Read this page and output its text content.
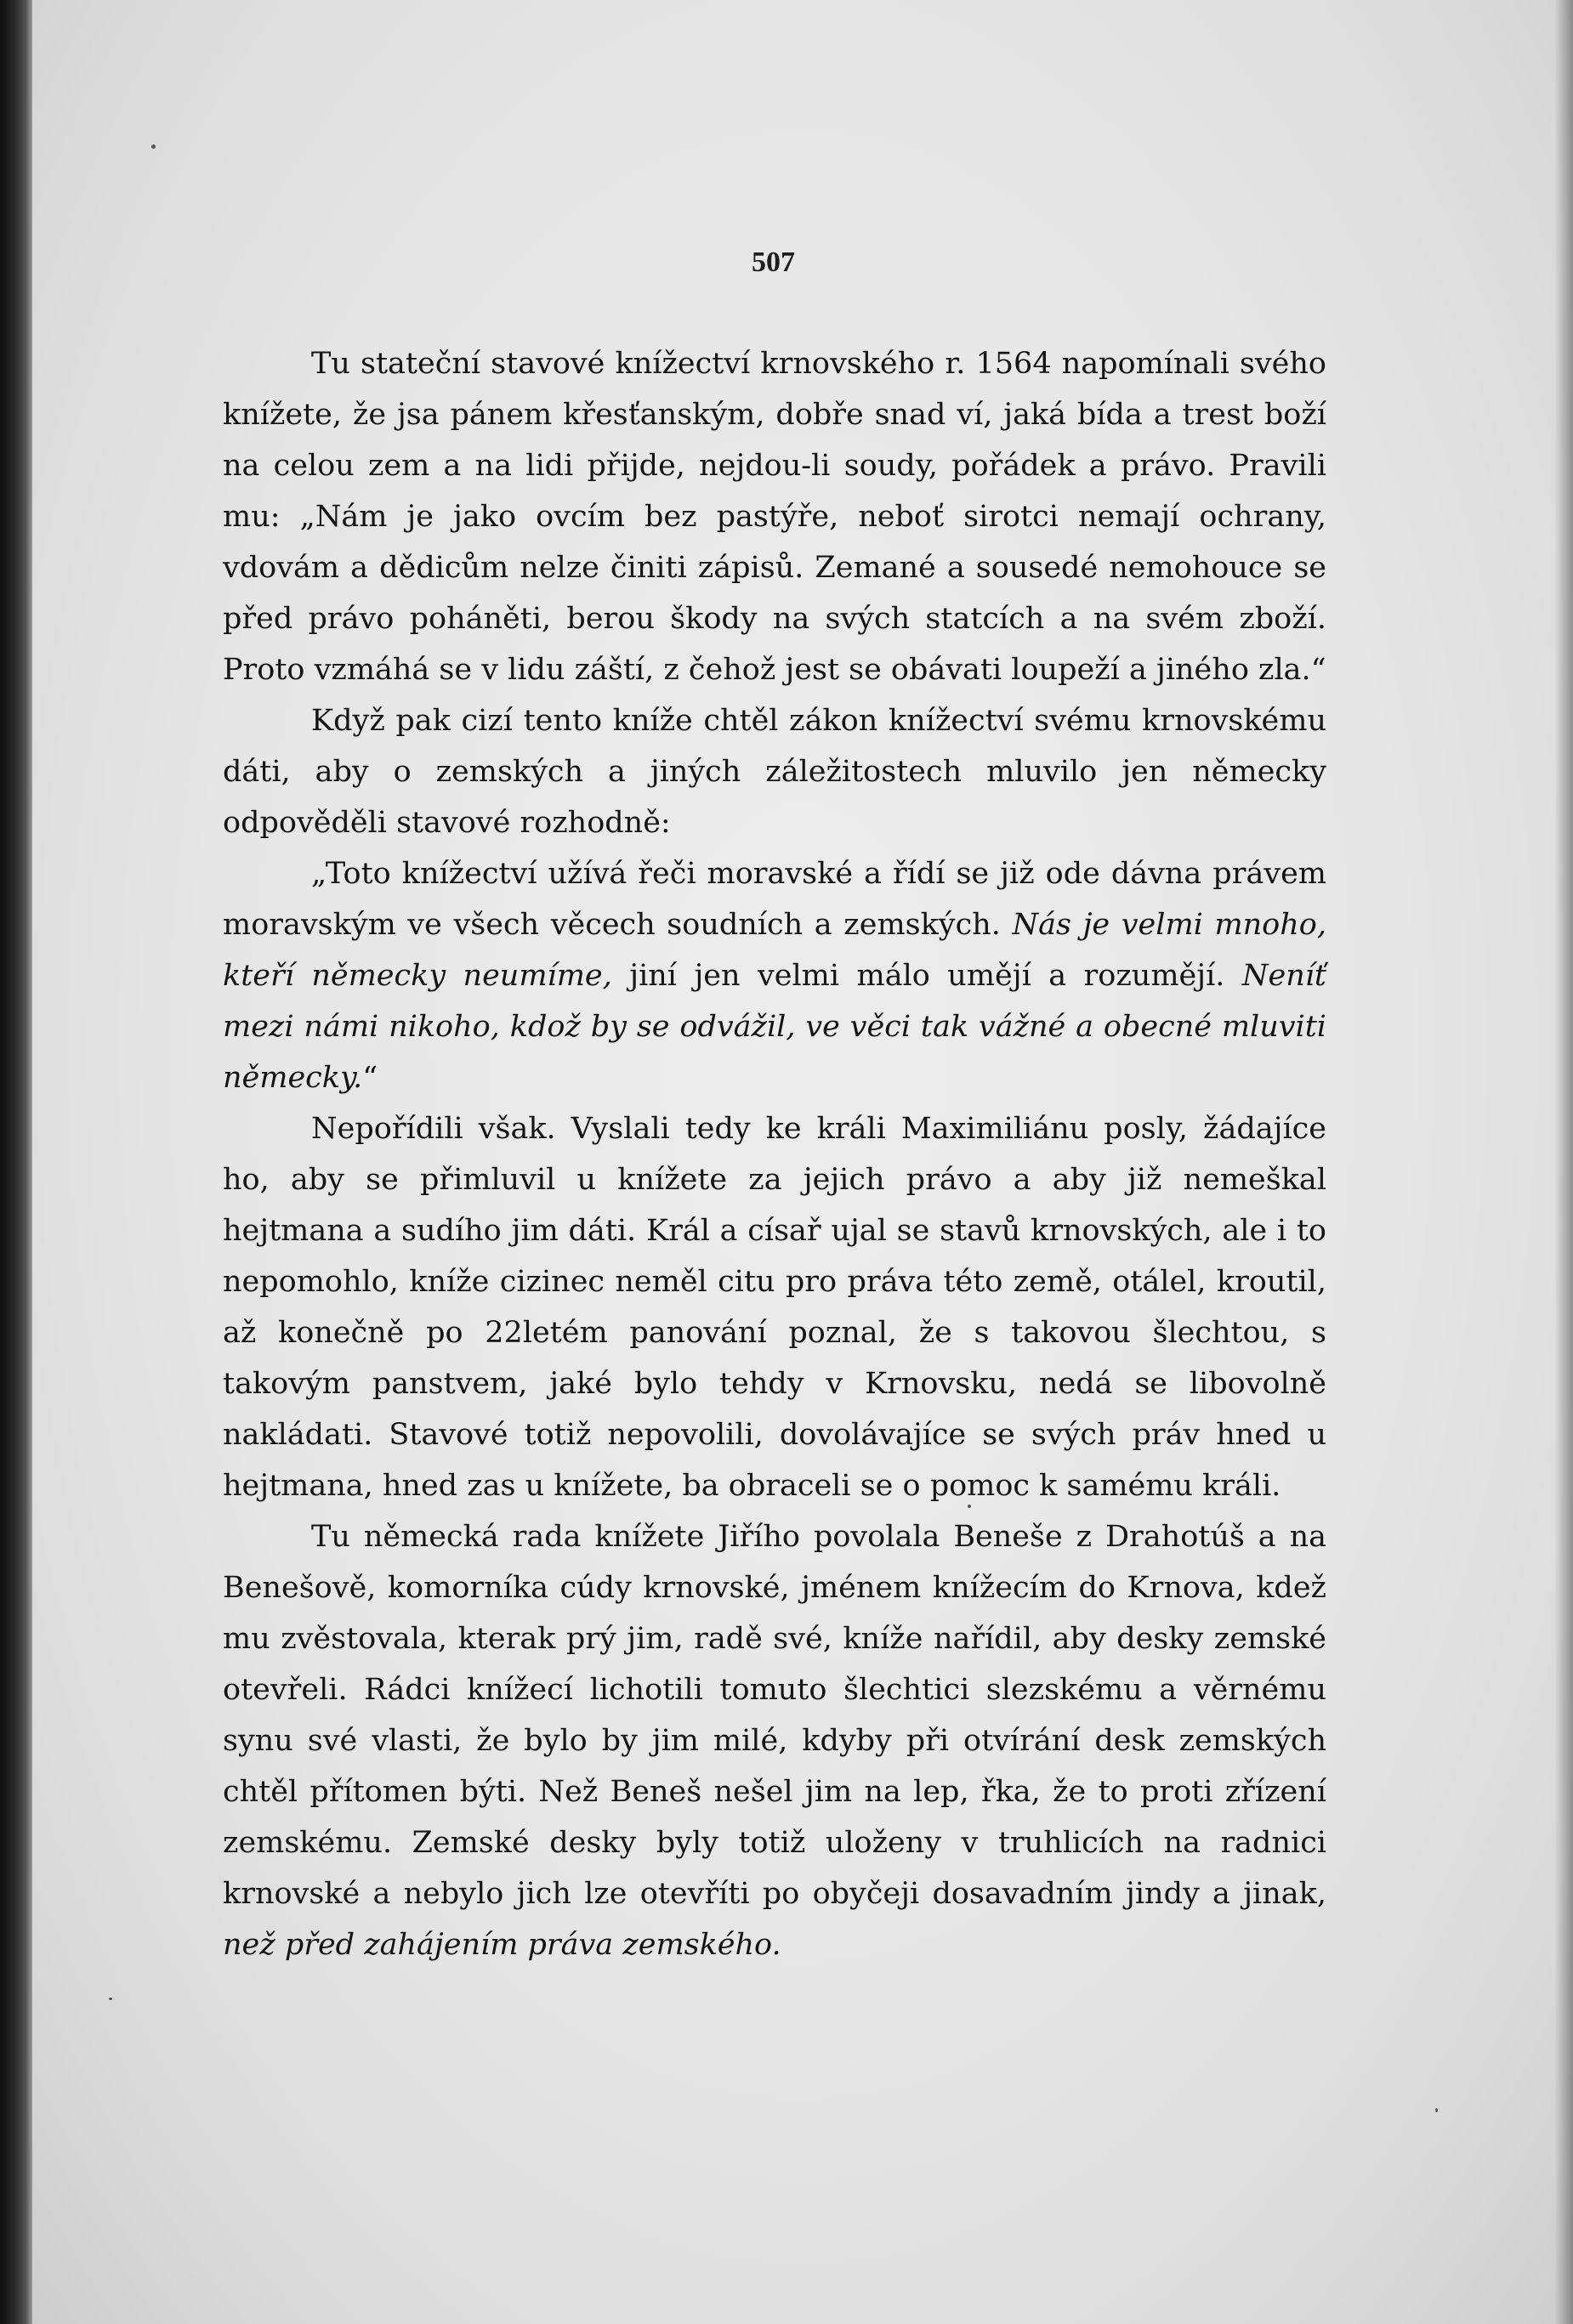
507

Tu stateční stavové knížectví krnovského r. 1564 napomínali svého knížete, že jsa pánem křesťanským, dobře snad ví, jaká bída a trest boží na celou zem a na lidi přijde, nejdou-li soudy, pořádek a právo. Pravili mu: „Nám je jako ovcím bez pastýře, neboť sirotci nemají ochrany, vdovám a dědicům nelze činiti zápisů. Zemané a sousedé nemohouce se před právo poháněti, berou škody na svých statcích a na svém zboží. Proto vzmáhá se v lidu záští, z čehož jest se obávati loupeží a jiného zla.“

Když pak cizí tento kníže chtěl zákon knížectví svému krnovskému dáti, aby o zemských a jiných záležitostech mluvilo jen německy odpověděli stavové rozhodně:

„Toto knížectví užívá řeči moravské a řídí se již ode dávna právem moravským ve všech věcech soudních a zemských. Nás je velmi mnoho, kteří německy neumíme, jiní jen velmi málo umějí a rozumějí. Neníť mezi námi nikoho, kdož by se odvážil, ve věci tak vážné a obecné mluviti německy.“

Nepořídili však. Vyslali tedy ke králi Maximiliánu posly, žádajíce ho, aby se přimluvil u knížete za jejich právo a aby již nemeškal hejtmana a sudího jim dáti. Král a císař ujal se stavů krnovských, ale i to nepomohlo, kníže cizinec neměl citu pro práva této země, otálel, kroutil, až konečně po 22letém panování poznal, že s takovou šlechtou, s takovým panstvem, jaké bylo tehdy v Krnovsku, nedá se libovolně nakládati. Stavové totiž nepovolili, dovolávajíce se svých práv hned u hejtmana, hned zas u knížete, ba obraceli se o pomoc k samému králi.

Tu německá rada knížete Jiřího povolala Beneše z Drahotúš a na Benešově, komorníka cúdy krnovské, jménem knížecím do Krnova, kdež mu zvěstovala, kterak prý jim, radě své, kníže nařídil, aby desky zemské otevřeli. Rádci knížecí lichotili tomuto šlechtici slezskému a věrnému synu své vlasti, že bylo by jim milé, kdyby při otvírání desk zemských chtěl přítomen býti. Než Beneš nešel jim na lep, řka, že to proti zřízení zemskému. Zemské desky byly totiž uloženy v truhlicích na radnici krnovské a nebylo jich lze otevříti po obyčeji dosavadním jindy a jinak, než před zahájením práva zemského.
